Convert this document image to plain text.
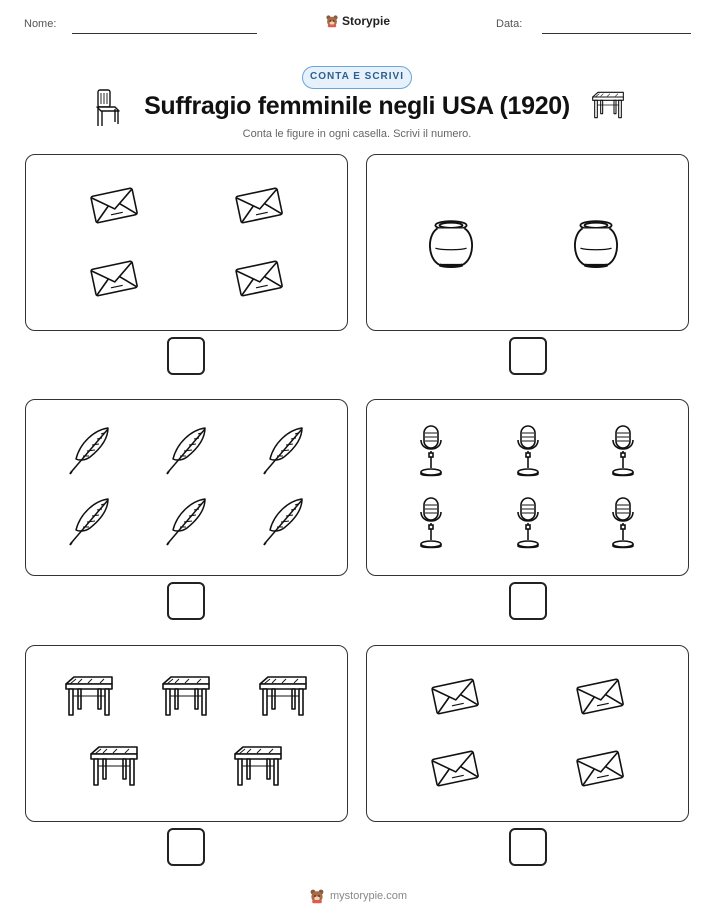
Nome:	Storypie	Data:
CONTA E SCRIVI
Suffragio femminile negli USA (1920)
Conta le figure in ogni casella. Scrivi il numero.
mystorypie.com
